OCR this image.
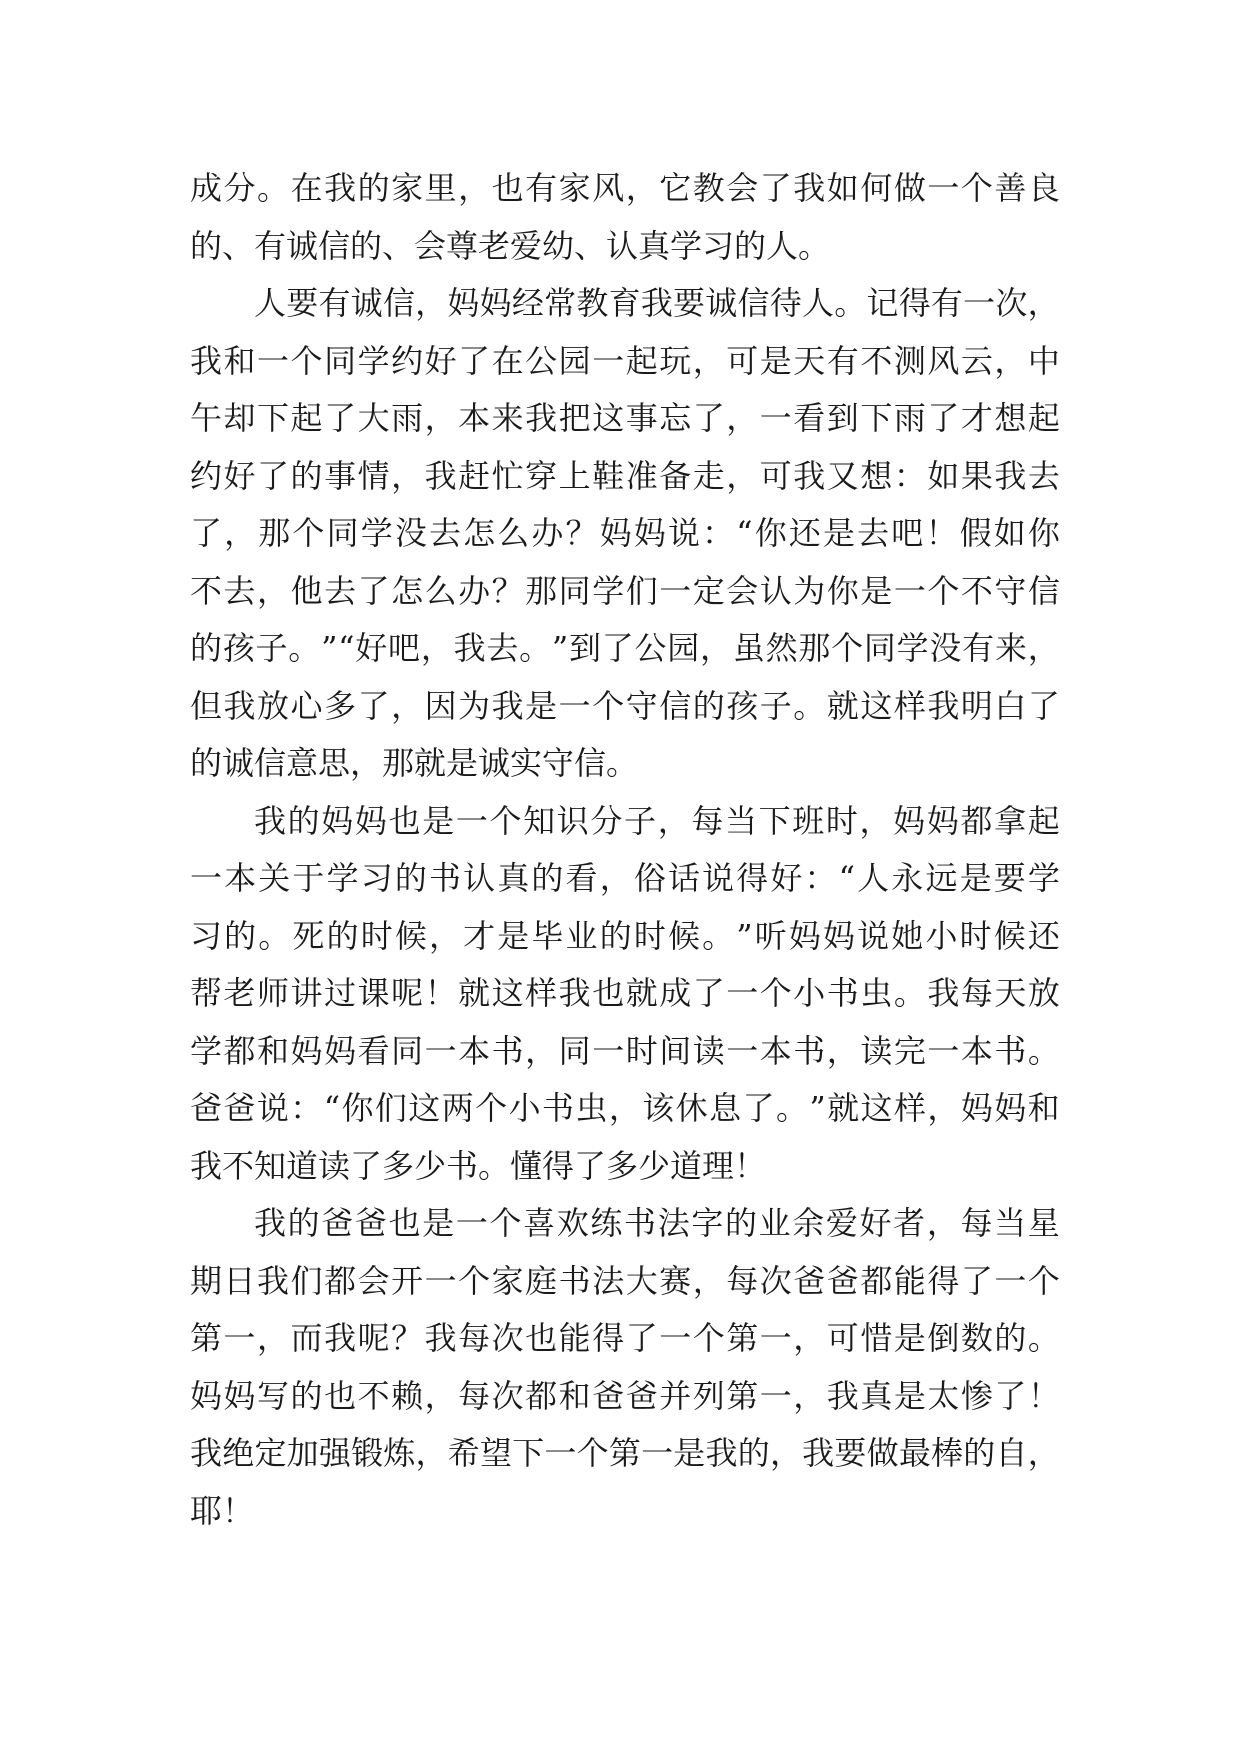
成 分 。 在 我 的 家 里 ， 也 有 家 风 ， 它 教 会 了 我 如 何 做 一 个 善 良
的、有诚信的、会尊老爱幼、认真学习的人。
人 要 有 诚 信 ， 妈 妈 经 常 教 育 我 要 诚 信 待 人 。 记 得 有 一 次 ，
我 和 一 个 同 学 约 好 了 在 公 园 一 起 玩 ， 可 是 天 有 不 测 风 云 ， 中
午 却 下 起 了 大 雨 ， 本 来 我 把 这 事 忘 了 ， 一 看 到 下 雨 了 才 想 起
约 好 了 的 事 情 ， 我 赶 忙 穿 上 鞋 准 备 走 ， 可 我 又 想 ： 如 果 我 去
了 ， 那 个 同 学 没 去 怎 么 办 ？ 妈 妈 说 ： “ 你 还 是 去 吧 ！ 假 如 你
不 去 ， 他 去 了 怎 么 办 ？ 那 同 学 们 一 定 会 认 为 你 是 一 个 不 守 信
的 孩 子 。 ” “ 好 吧 ， 我 去 。 ” 到 了 公 园 ， 虽 然 那 个 同 学 没 有 来 ，
但 我 放 心 多 了 ， 因 为 我 是 一 个 守 信 的 孩 子 。 就 这 样 我 明 白 了
的诚信意思，那就是诚实守信。
我 的 妈 妈 也 是 一 个 知 识 分 子 ， 每 当 下 班 时 ， 妈 妈 都 拿 起
一 本 关 于 学 习 的 书 认 真 的 看 ， 俗 话 说 得 好 ： “ 人 永 远 是 要 学
习 的 。 死 的 时 候 ， 才 是 毕 业 的 时 候 。 ” 听 妈 妈 说 她 小 时 候 还
帮 老 师 讲 过 课 呢 ！ 就 这 样 我 也 就 成 了 一 个 小 书 虫 。 我 每 天 放
学 都 和 妈 妈 看 同 一 本 书 ， 同 一 时 间 读 一 本 书 ， 读 完 一 本 书 。
爸 爸 说 ： “ 你 们 这 两 个 小 书 虫 ， 该 休 息 了 。 ” 就 这 样 ， 妈 妈 和
我不知道读了多少书。懂得了多少道理！
我 的 爸 爸 也 是 一 个 喜 欢 练 书 法 字 的 业 余 爱 好 者 ， 每 当 星
期 日 我 们 都 会 开 一 个 家 庭 书 法 大 赛 ， 每 次 爸 爸 都 能 得 了 一 个
第 一 ， 而 我 呢 ？ 我 每 次 也 能 得 了 一 个 第 一 ， 可 惜 是 倒 数 的 。
妈 妈 写 的 也 不 赖 ， 每 次 都 和 爸 爸 并 列 第 一 ， 我 真 是 太 惨 了 ！
我 绝 定 加 强 锻 炼 ， 希 望 下 一 个 第 一 是 我 的 ， 我 要 做 最 棒 的 自 ，
耶！
